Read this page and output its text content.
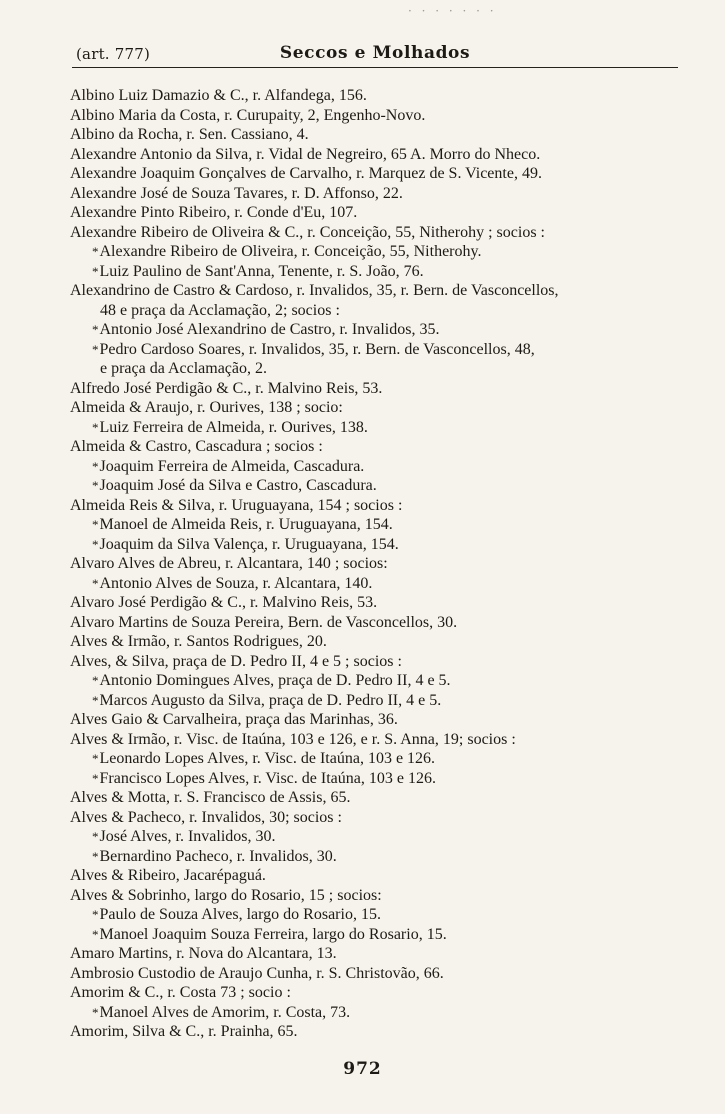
· · · · · · ·
(art. 777)	Seccos e Molhados
Albino Luiz Damazio & C., r. Alfandega, 156.
Albino Maria da Costa, r. Curupaity, 2, Engenho-Novo.
Albino da Rocha, r. Sen. Cassiano, 4.
Alexandre Antonio da Silva, r. Vidal de Negreiro, 65 A. Morro do Nheco.
Alexandre Joaquim Gonçalves de Carvalho, r. Marquez de S. Vicente, 49.
Alexandre José de Souza Tavares, r. D. Affonso, 22.
Alexandre Pinto Ribeiro, r. Conde d'Eu, 107.
Alexandre Ribeiro de Oliveira & C., r. Conceição, 55, Nitherohy ; socios :
*Alexandre Ribeiro de Oliveira, r. Conceição, 55, Nitherohy.
*Luiz Paulino de Sant'Anna, Tenente, r. S. João, 76.
Alexandrino de Castro & Cardoso, r. Invalidos, 35, r. Bern. de Vasconcellos,
48 e praça da Acclamação, 2; socios :
*Antonio José Alexandrino de Castro, r. Invalidos, 35.
*Pedro Cardoso Soares, r. Invalidos, 35, r. Bern. de Vasconcellos, 48,
e praça da Acclamação, 2.
Alfredo José Perdigão & C., r. Malvino Reis, 53.
Almeida & Araujo, r. Ourives, 138 ; socio:
*Luiz Ferreira de Almeida, r. Ourives, 138.
Almeida & Castro, Cascadura ; socios :
*Joaquim Ferreira de Almeida, Cascadura.
*Joaquim José da Silva e Castro, Cascadura.
Almeida Reis & Silva, r. Uruguayana, 154 ; socios :
*Manoel de Almeida Reis, r. Uruguayana, 154.
*Joaquim da Silva Valença, r. Uruguayana, 154.
Alvaro Alves de Abreu, r. Alcantara, 140 ; socios:
*Antonio Alves de Souza, r. Alcantara, 140.
Alvaro José Perdigão & C., r. Malvino Reis, 53.
Alvaro Martins de Souza Pereira, Bern. de Vasconcellos, 30.
Alves & Irmão, r. Santos Rodrigues, 20.
Alves, & Silva, praça de D. Pedro II, 4 e 5 ; socios :
*Antonio Domingues Alves, praça de D. Pedro II, 4 e 5.
*Marcos Augusto da Silva, praça de D. Pedro II, 4 e 5.
Alves Gaio & Carvalheira, praça das Marinhas, 36.
Alves & Irmão, r. Visc. de Itaúna, 103 e 126, e r. S. Anna, 19; socios :
*Leonardo Lopes Alves, r. Visc. de Itaúna, 103 e 126.
*Francisco Lopes Alves, r. Visc. de Itaúna, 103 e 126.
Alves & Motta, r. S. Francisco de Assis, 65.
Alves & Pacheco, r. Invalidos, 30; socios :
*José Alves, r. Invalidos, 30.
*Bernardino Pacheco, r. Invalidos, 30.
Alves & Ribeiro, Jacarépaguá.
Alves & Sobrinho, largo do Rosario, 15 ; socios:
*Paulo de Souza Alves, largo do Rosario, 15.
*Manoel Joaquim Souza Ferreira, largo do Rosario, 15.
Amaro Martins, r. Nova do Alcantara, 13.
Ambrosio Custodio de Araujo Cunha, r. S. Christovão, 66.
Amorim & C., r. Costa 73 ; socio :
*Manoel Alves de Amorim, r. Costa, 73.
Amorim, Silva & C., r. Prainha, 65.
972
